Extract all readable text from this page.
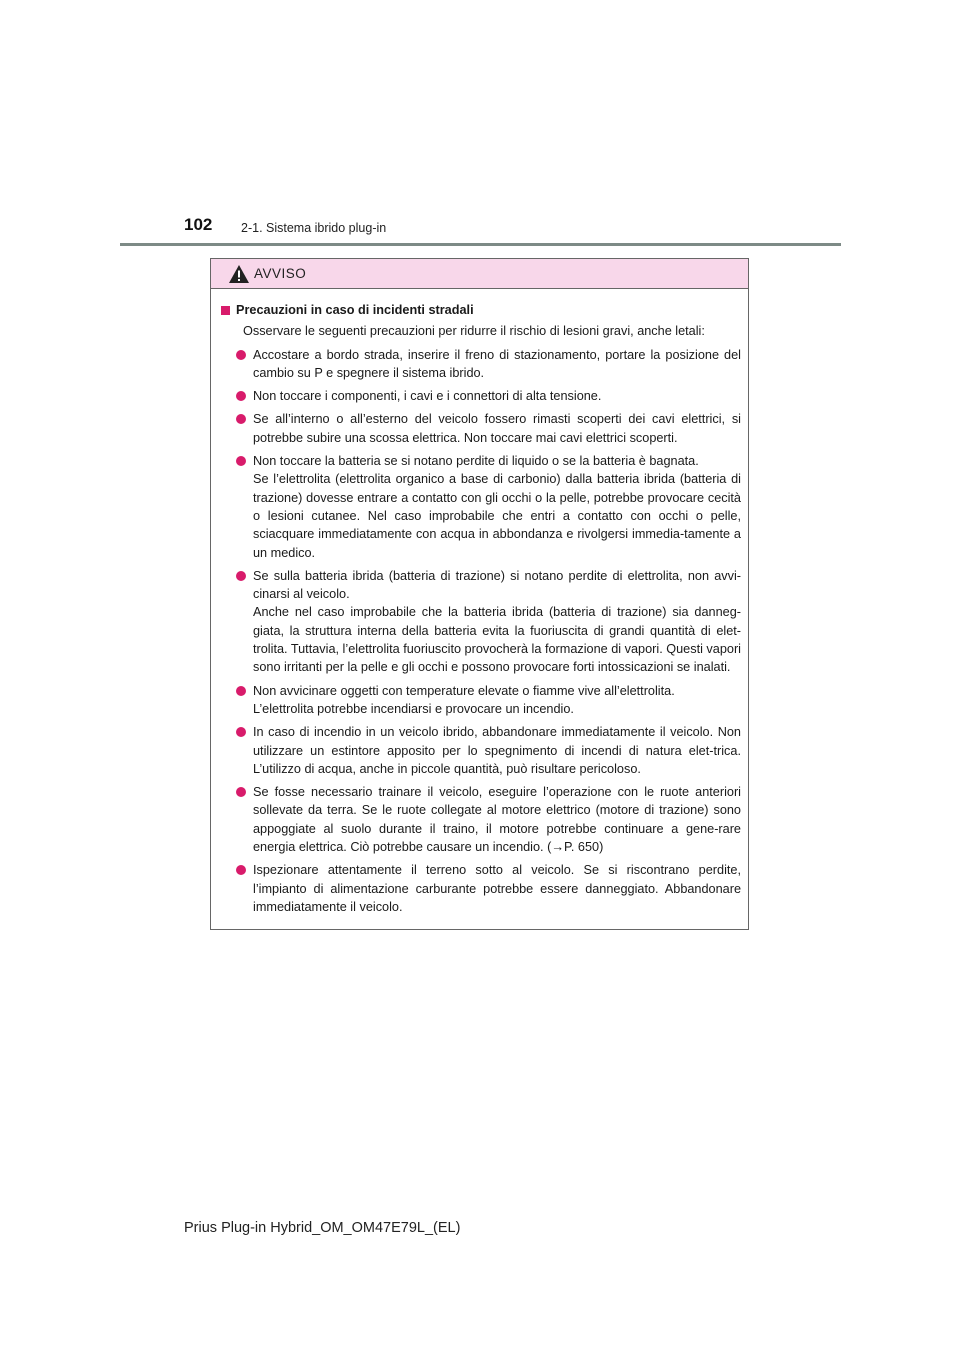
102 2-1. Sistema ibrido plug-in
AVVISO
Precauzioni in caso di incidenti stradali
Osservare le seguenti precauzioni per ridurre il rischio di lesioni gravi, anche letali:

Accostare a bordo strada, inserire il freno di stazionamento, portare la posizione del cambio su P e spegnere il sistema ibrido.

Non toccare i componenti, i cavi e i connettori di alta tensione.

Se all’interno o all’esterno del veicolo fossero rimasti scoperti dei cavi elettrici, si potrebbe subire una scossa elettrica. Non toccare mai cavi elettrici scoperti.

Non toccare la batteria se si notano perdite di liquido o se la batteria è bagnata.

Se l’elettrolita (elettrolita organico a base di carbonio) dalla batteria ibrida (batteria di trazione) dovesse entrare a contatto con gli occhi o la pelle, potrebbe provocare cecità o lesioni cutanee. Nel caso improbabile che entri a contatto con occhi o pelle, sciacquare immediatamente con acqua in abbondanza e rivolgersi immedia-tamente a un medico.

Se sulla batteria ibrida (batteria di trazione) si notano perdite di elettrolita, non avvi-cinarsi al veicolo.

Anche nel caso improbabile che la batteria ibrida (batteria di trazione) sia danneg-giata, la struttura interna della batteria evita la fuoriuscita di grandi quantità di elet-trolita. Tuttavia, l’elettrolita fuoriuscito provocherà la formazione di vapori. Questi vapori sono irritanti per la pelle e gli occhi e possono provocare forti intossicazioni se inalati.

Non avvicinare oggetti con temperature elevate o fiamme vive all’elettrolita.

L’elettrolita potrebbe incendiarsi e provocare un incendio.

In caso di incendio in un veicolo ibrido, abbandonare immediatamente il veicolo. Non utilizzare un estintore apposito per lo spegnimento di incendi di natura elet-trica. L’utilizzo di acqua, anche in piccole quantità, può risultare pericoloso.

Se fosse necessario trainare il veicolo, eseguire l’operazione con le ruote anteriori sollevate da terra. Se le ruote collegate al motore elettrico (motore di trazione) sono appoggiate al suolo durante il traino, il motore potrebbe continuare a gene-rare energia elettrica. Ciò potrebbe causare un incendio. (→P. 650)

Ispezionare attentamente il terreno sotto al veicolo. Se si riscontrano perdite, l’impianto di alimentazione carburante potrebbe essere danneggiato. Abbandonare immediatamente il veicolo.

Prius Plug-in Hybrid_OM_OM47E79L_(EL)
